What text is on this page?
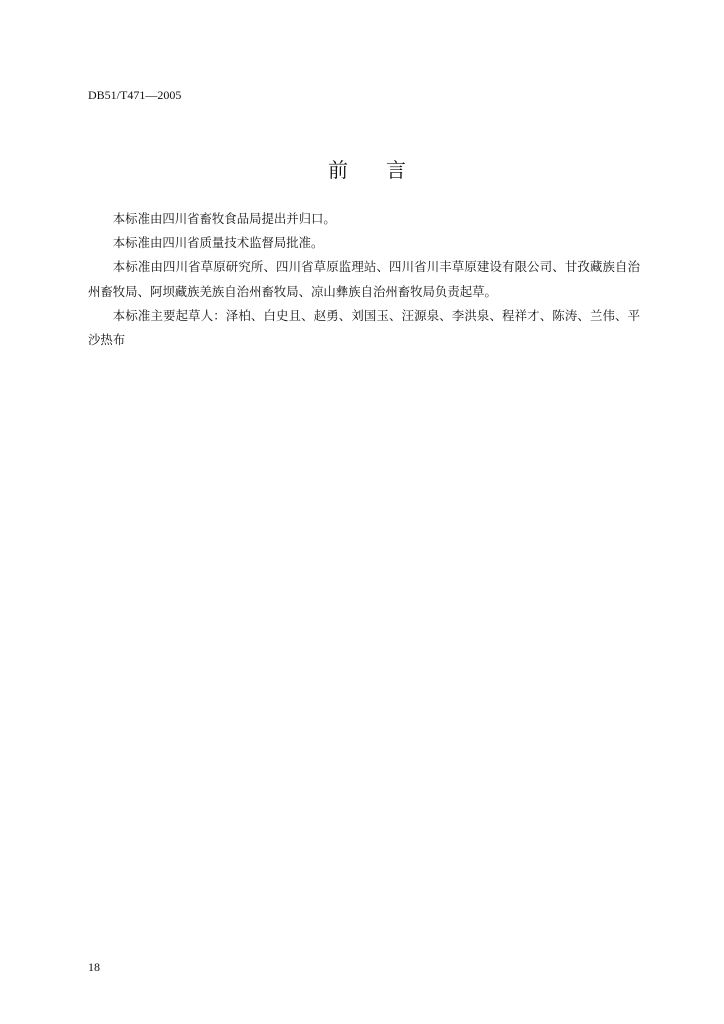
DB51/T471—2005
前 言

本标准由四川省畜牧食品局提出并归口。

本标准由四川省质量技术监督局批准。

本标准由四川省草原研究所、四川省草原监理站、四川省川丰草原建设有限公司、甘孜藏族自治州畜牧局、阿坝藏族羌族自治州畜牧局、凉山彝族自治州畜牧局负责起草。

本标准主要起草人：泽柏、白史且、赵勇、刘国玉、汪源泉、李洪泉、程祥才、陈涛、兰伟、平沙热布

18
